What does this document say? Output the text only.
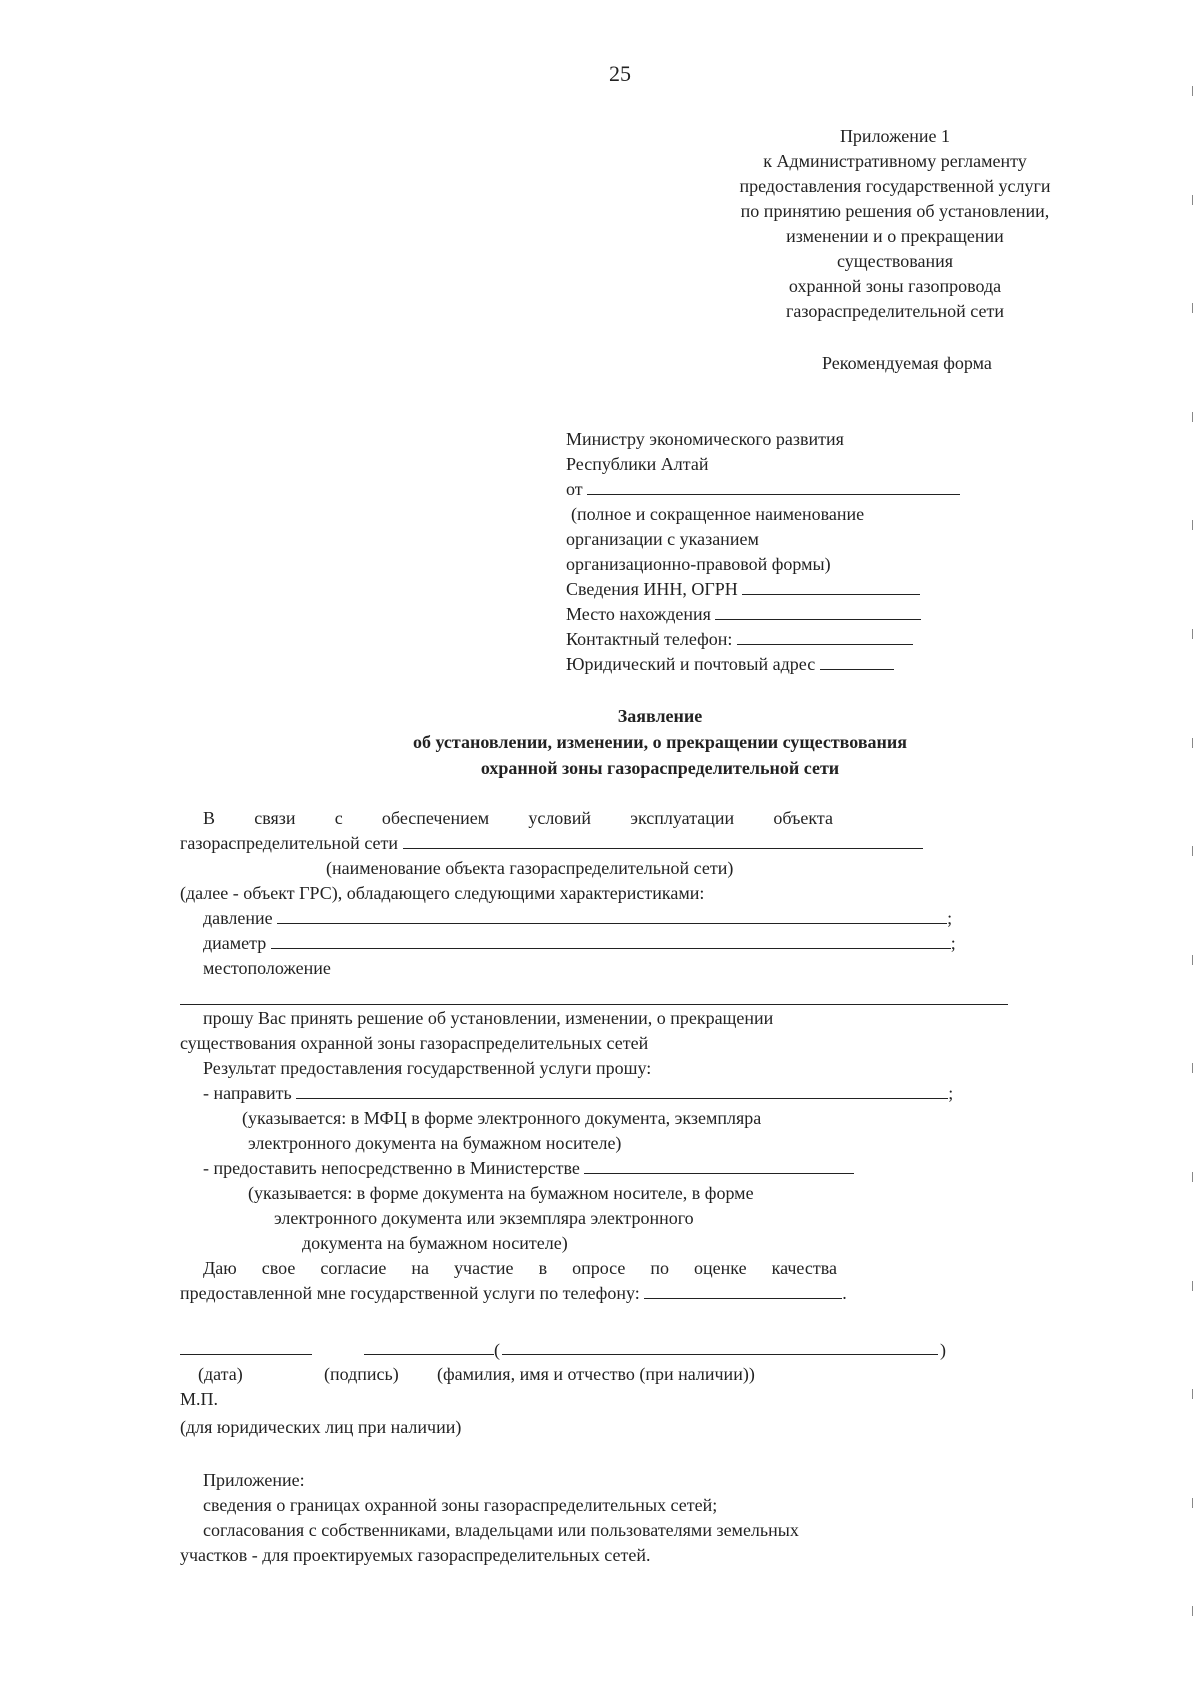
25
Приложение 1
к Административному регламенту
предоставления государственной услуги
по принятию решения об установлении,
изменении и о прекращении
существования
охранной зоны газопровода
газораспределительной сети
Рекомендуемая форма
Министру экономического развития
Республики Алтай
от
(полное и сокращенное наименование
организации с указанием
организационно-правовой формы)
Сведения ИНН, ОГРН
Место нахождения
Контактный телефон:
Юридический и почтовый адрес
Заявление
об установлении, изменении, о прекращении существования
охранной зоны газораспределительной сети
В связи с обеспечением условий эксплуатации объекта
газораспределительной сети
(наименование объекта газораспределительной сети)
(далее - объект ГРС), обладающего следующими характеристиками:
давление	;
диаметр	;
местоположение
прошу Вас принять решение об установлении, изменении, о прекращении
существования охранной зоны газораспределительных сетей
Результат предоставления государственной услуги прошу:
- направить	;
(указывается: в МФЦ в форме электронного документа, экземпляра
электронного документа на бумажном носителе)
- предоставить непосредственно в Министерстве
(указывается: в форме документа на бумажном носителе, в форме
электронного документа или экземпляра электронного
документа на бумажном носителе)
Даю свое согласие на участие в опросе по оценке качества
предоставленной мне государственной услуги по телефону:	.
(	)
(дата)	(подпись) (фамилия, имя и отчество (при наличии))
М.П.
(для юридических лиц при наличии)
Приложение:
сведения о границах охранной зоны газораспределительных сетей;
согласования с собственниками, владельцами или пользователями земельных
участков - для проектируемых газораспределительных сетей.
